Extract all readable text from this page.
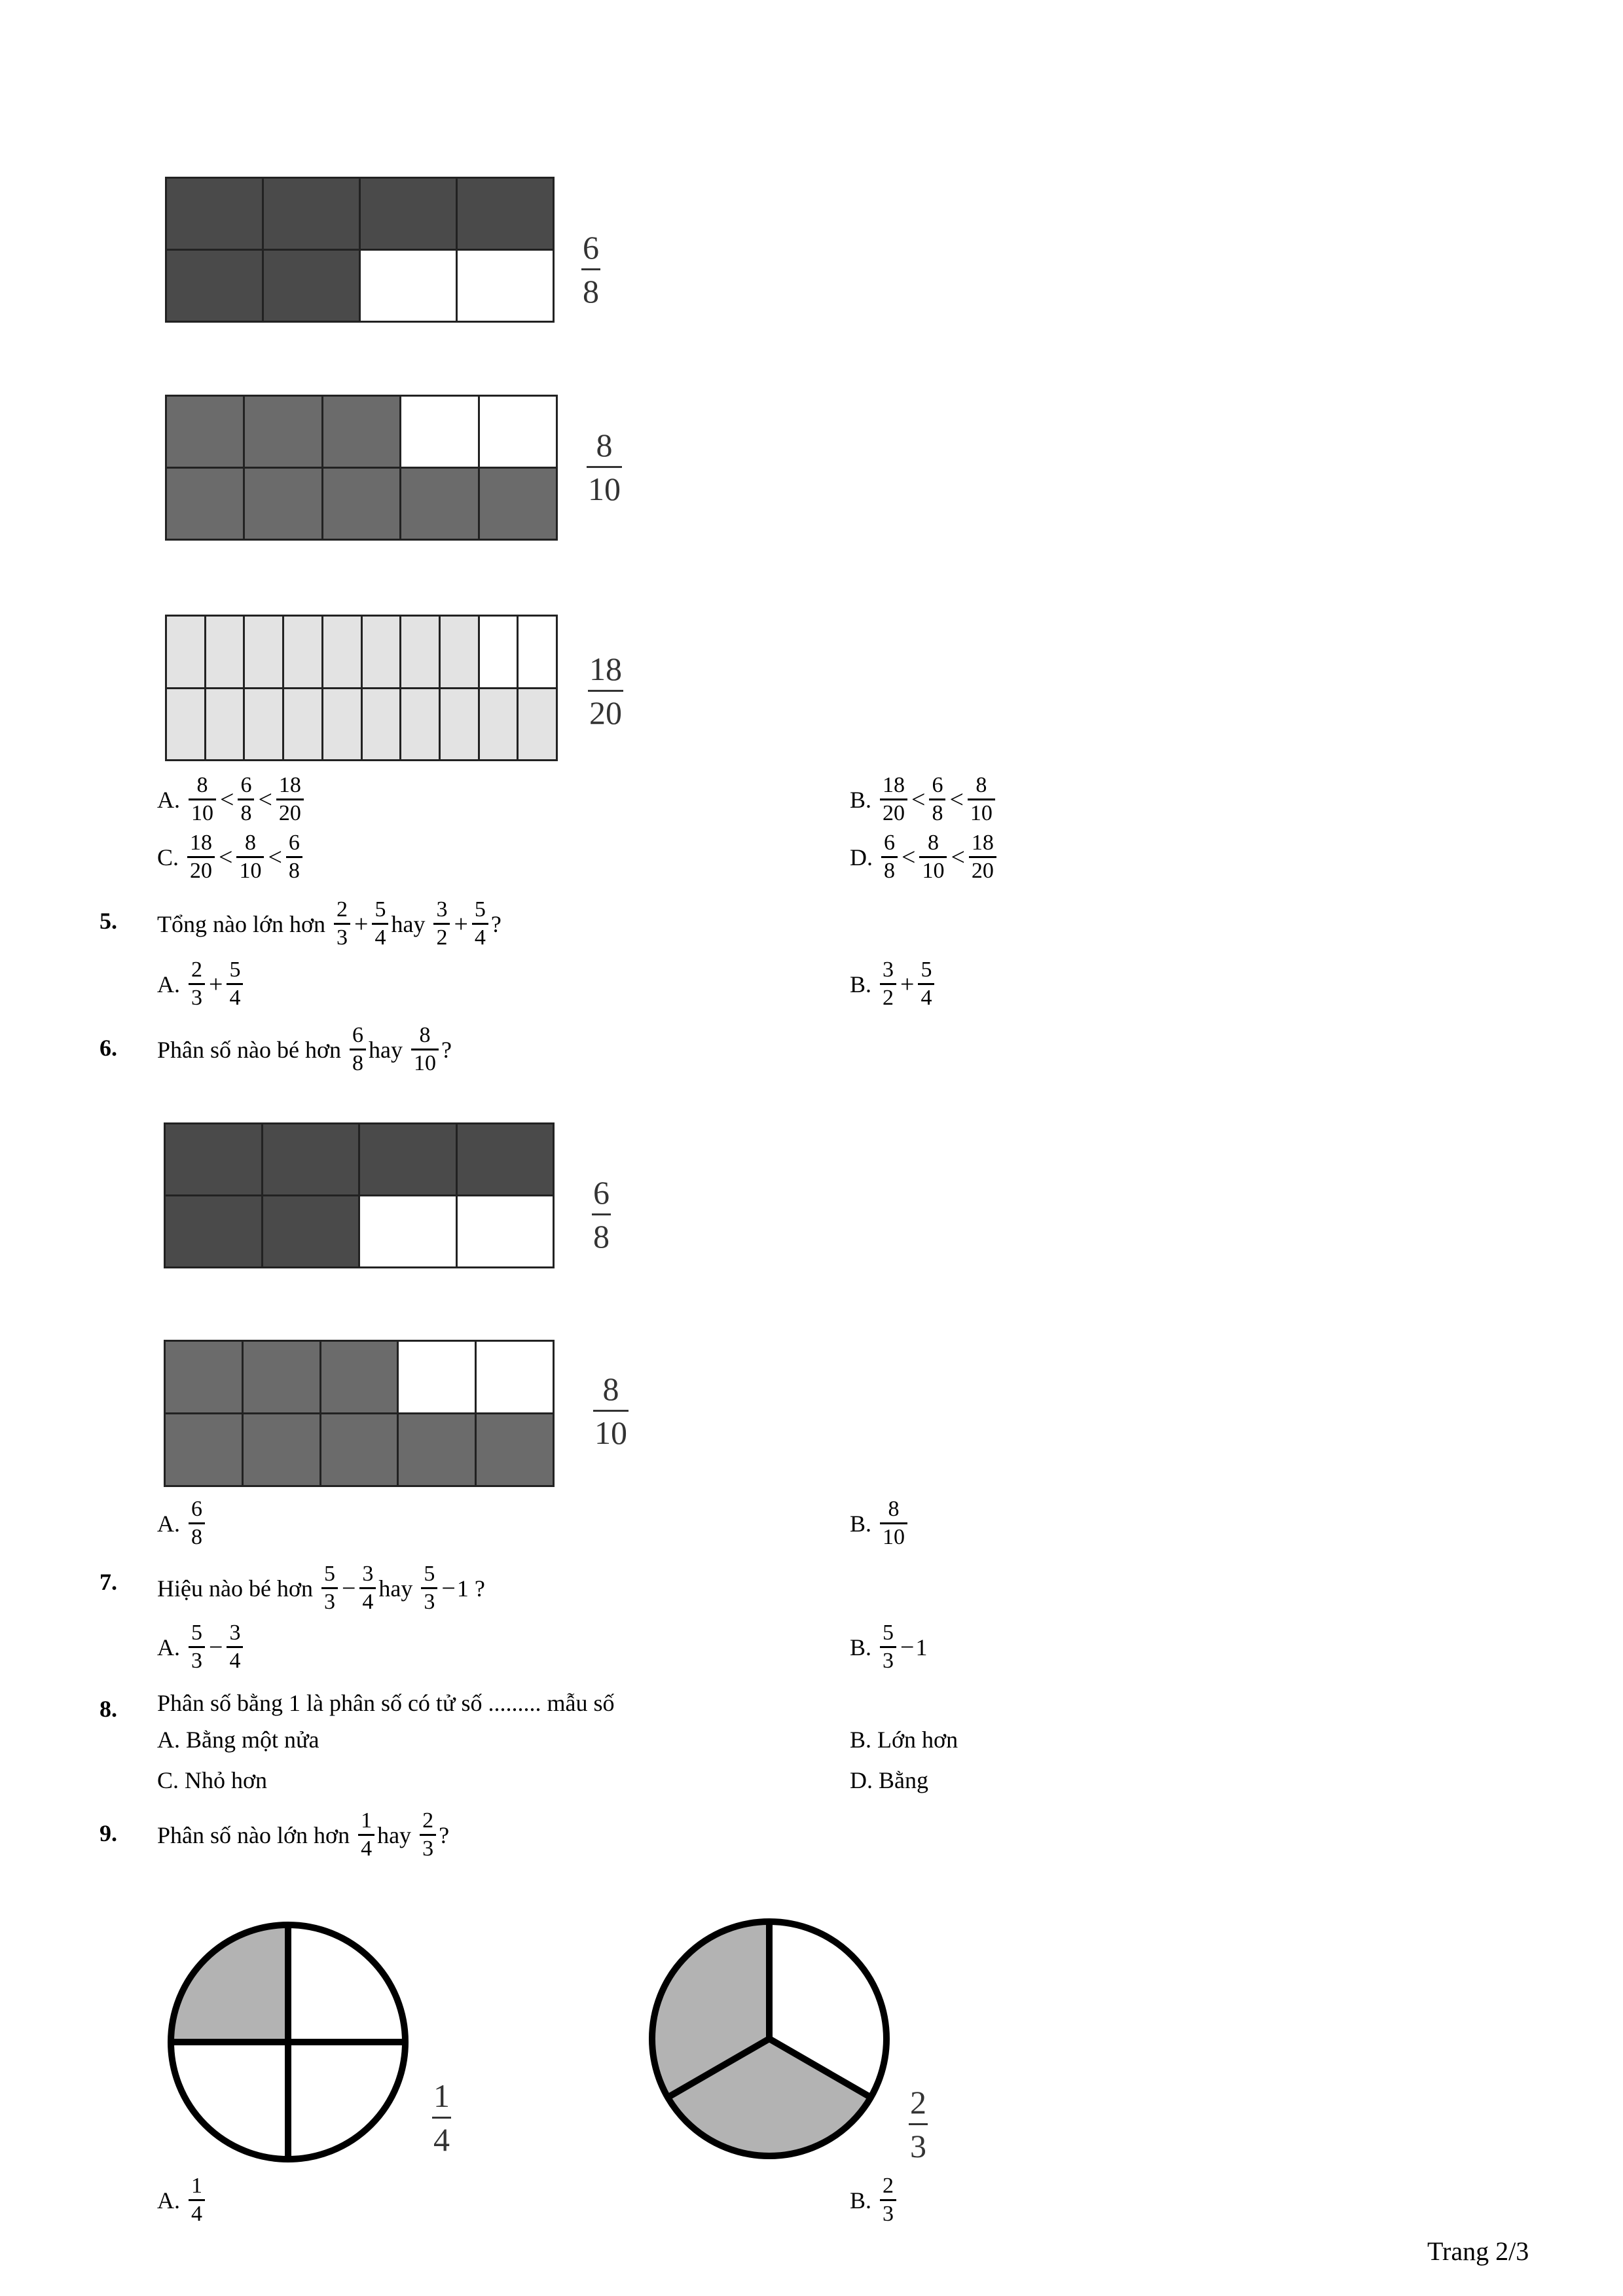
6
8
8
10
18
20
A. $\frac{8}{10} < \frac{6}{8} < \frac{18}{20}$	B. $\frac{18}{20} < \frac{6}{8} < \frac{8}{10}$
C. $\frac{18}{20} < \frac{8}{10} < \frac{6}{8}$	D. $\frac{6}{8} < \frac{8}{10} < \frac{18}{20}$
5. Tổng nào lớn hơn
$\frac{2}{3} + \frac{5}{4}$ hay
$\frac{3}{2} + \frac{5}{4}$ ?
A.
$\frac{2}{3} + \frac{5}{4}$	B.
$\frac{3}{2} + \frac{5}{4}$
6. Phân số nào bé hơn
$\frac{6}{8}$ hay
$\frac{8}{10}$ ?
6
8
8
10
A.
$\frac{6}{8}$	B.
$\frac{8}{10}$
7. Hiệu nào bé hơn
$\frac{5}{3} - \frac{3}{4}$ hay
$\frac{5}{3} - 1$
?
A.
$\frac{5}{3} - \frac{3}{4}$	B.
$\frac{5}{3} - 1$
8. Phân số bằng 1 là phân số có tử số ......... mẫu số
A. Bằng một nửa	B. Lớn hơn
C. Nhỏ hơn	D. Bằng
9. Phân số nào lớn hơn
$\frac{1}{4}$ hay
$\frac{2}{3}$ ?
1
4
2
3
A.
$\frac{1}{4}$	B.
$\frac{2}{3}$
Trang 2/3
